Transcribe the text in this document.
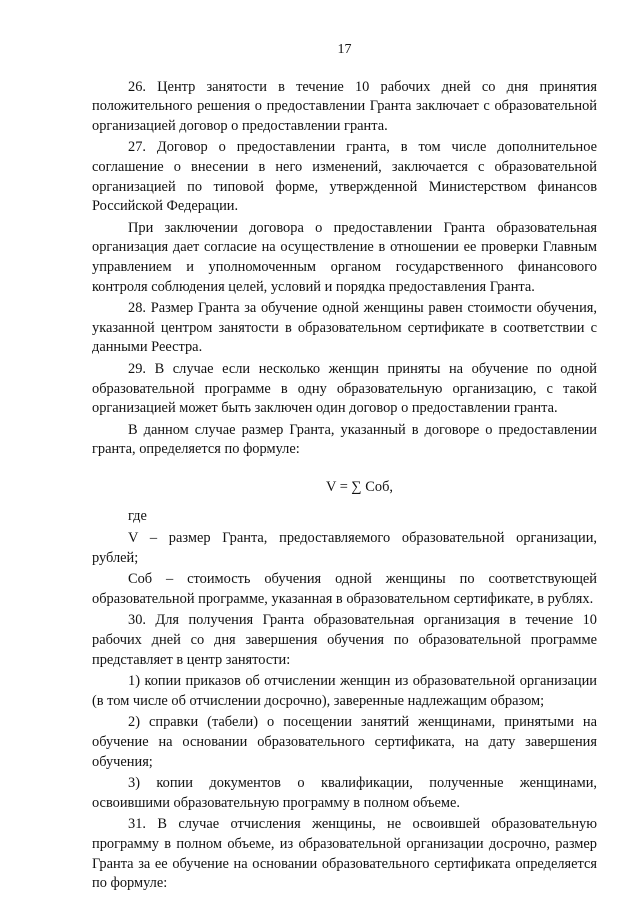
17

26. Центр занятости в течение 10 рабочих дней со дня принятия положительного решения о предоставлении Гранта заключает с образовательной организацией договор о предоставлении гранта.

27. Договор о предоставлении гранта, в том числе дополнительное соглашение о внесении в него изменений, заключается с образовательной организацией по типовой форме, утвержденной Министерством финансов Российской Федерации.

При заключении договора о предоставлении Гранта образовательная организация дает согласие на осуществление в отношении ее проверки Главным управлением и уполномоченным органом государственного финансового контроля соблюдения целей, условий и порядка предоставления Гранта.

28. Размер Гранта за обучение одной женщины равен стоимости обучения, указанной центром занятости в образовательном сертификате в соответствии с данными Реестра.

29. В случае если несколько женщин приняты на обучение по одной образовательной программе в одну образовательную организацию, с такой организацией может быть заключен один договор о предоставлении гранта.

В данном случае размер Гранта, указанный в договоре о предоставлении гранта, определяется по формуле:

V = ∑ Cоб,

где

V – размер Гранта, предоставляемого образовательной организации, рублей;

Cоб – стоимость обучения одной женщины по соответствующей образовательной программе, указанная в образовательном сертификате, в рублях.

30. Для получения Гранта образовательная организация в течение 10 рабочих дней со дня завершения обучения по образовательной программе представляет в центр занятости:

1) копии приказов об отчислении женщин из образовательной организации (в том числе об отчислении досрочно), заверенные надлежащим образом;

2) справки (табели) о посещении занятий женщинами, принятыми на обучение на основании образовательного сертификата, на дату завершения обучения;

3) копии документов о квалификации, полученные женщинами, освоившими образовательную программу в полном объеме.

31. В случае отчисления женщины, не освоившей образовательную программу в полном объеме, из образовательной организации досрочно, размер Гранта за ее обучение на основании образовательного сертификата определяется по формуле:
